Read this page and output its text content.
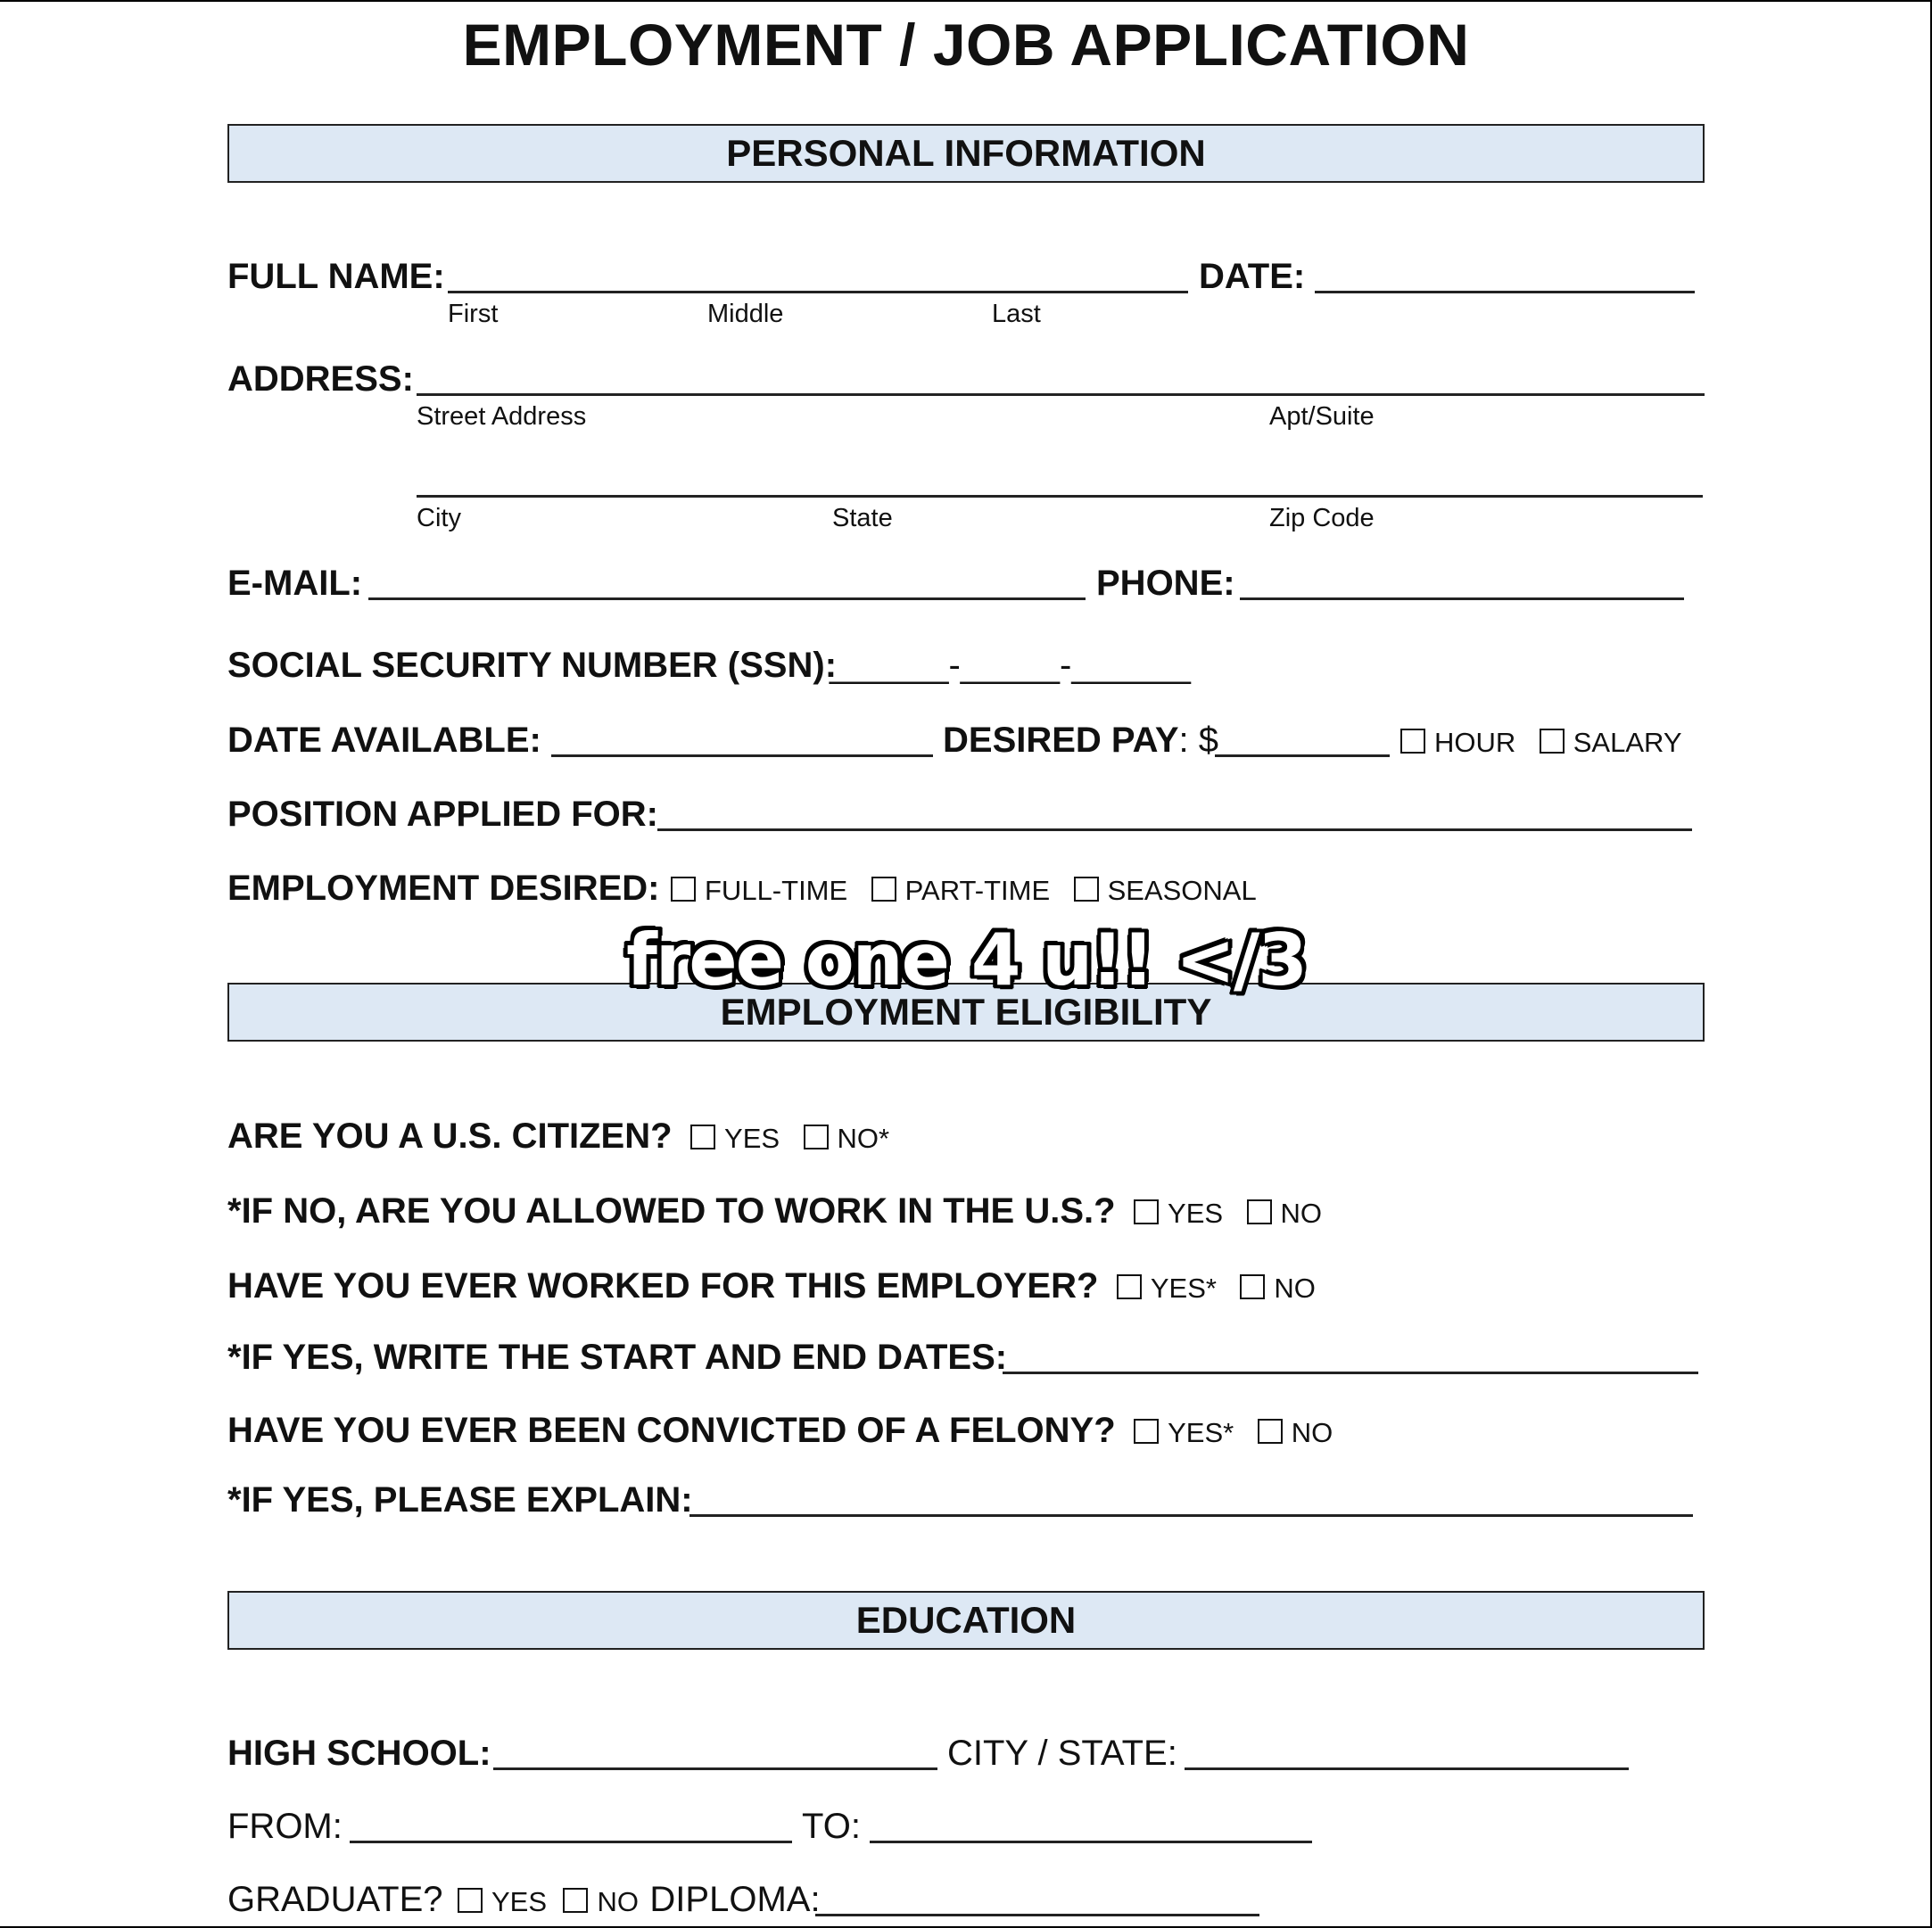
EMPLOYMENT / JOB APPLICATION
PERSONAL INFORMATION
FULL NAME:
First	Middle	Last
DATE:
ADDRESS:
Street Address	Apt/Suite
City	State	Zip Code
E-MAIL:	PHONE:
SOCIAL SECURITY NUMBER (SSN):
______-_____-______
DATE AVAILABLE:	DESIRED PAY : $	HOUR SALARY
POSITION APPLIED FOR:
EMPLOYMENT DESIRED:	FULL-TIME PART-TIME SEASONAL
EMPLOYMENT ELIGIBILITY
free one 4 u!! </3
ARE YOU A U.S. CITIZEN? YES NO*
*IF NO, ARE YOU ALLOWED TO WORK IN THE U.S.? YES NO
HAVE YOU EVER WORKED FOR THIS EMPLOYER? YES* NO
*IF YES, WRITE THE START AND END DATES:
HAVE YOU EVER BEEN CONVICTED OF A FELONY? YES* NO
*IF YES, PLEASE EXPLAIN:
EDUCATION
HIGH SCHOOL:	CITY / STATE:
FROM:	TO:
GRADUATE? YES NO DIPLOMA:
